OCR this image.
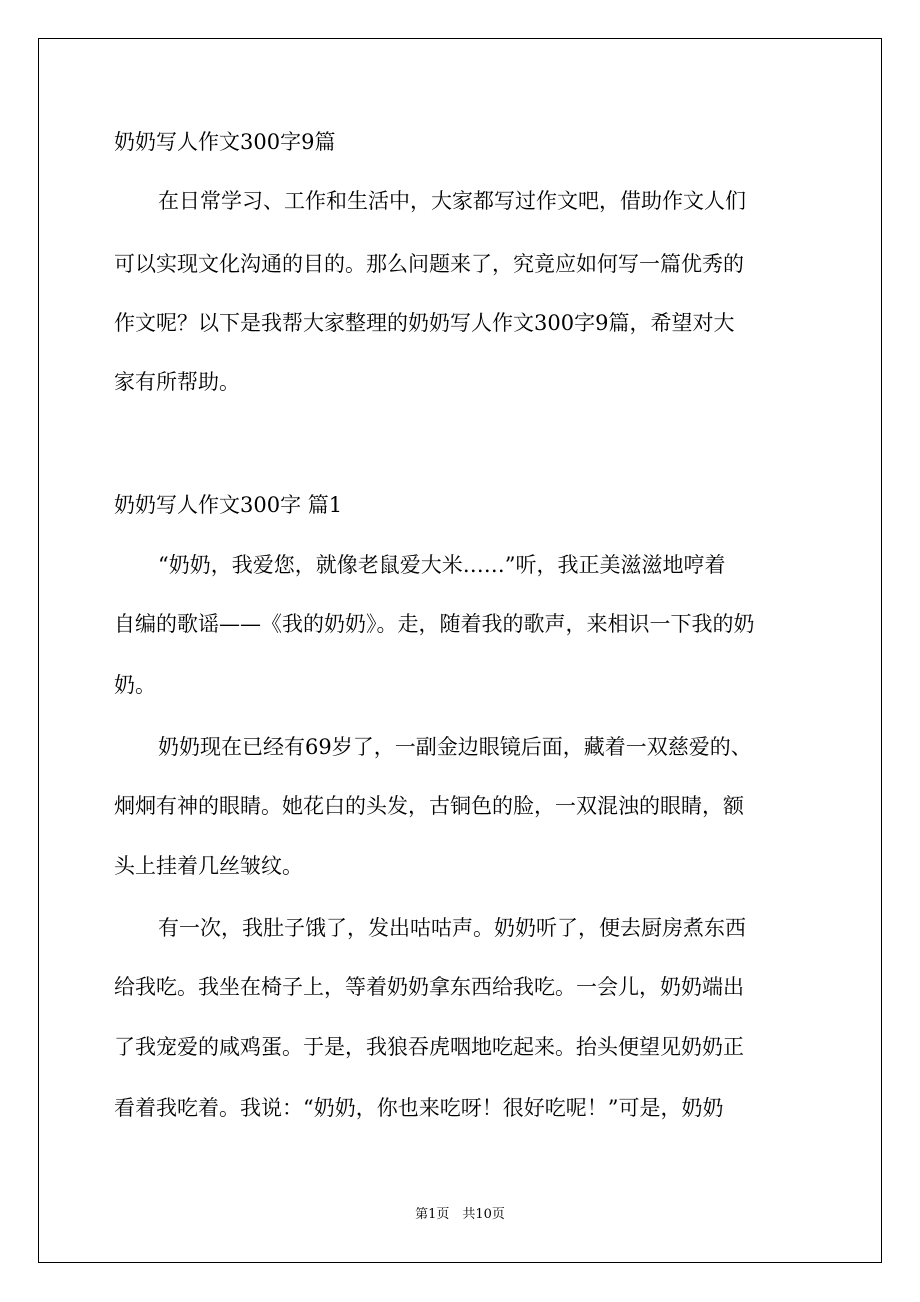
奶奶写人作文300字9篇
在日常学习、工作和生活中，大家都写过作文吧，借助作文人们
可以实现文化沟通的目的。那么问题来了，究竟应如何写一篇优秀的
作文呢？以下是我帮大家整理的奶奶写人作文300字9篇，希望对大
家有所帮助。
奶奶写人作文300字 篇1
“奶奶，我爱您，就像老鼠爱大米……”听，我正美滋滋地哼着
自编的歌谣——《我的奶奶》。走，随着我的歌声，来相识一下我的奶
奶。
奶奶现在已经有69岁了，一副金边眼镜后面，藏着一双慈爱的、
炯炯有神的眼睛。她花白的头发，古铜色的脸，一双混浊的眼睛，额
头上挂着几丝皱纹。
有一次，我肚子饿了，发出咕咕声。奶奶听了，便去厨房煮东西
给我吃。我坐在椅子上，等着奶奶拿东西给我吃。一会儿，奶奶端出
了我宠爱的咸鸡蛋。于是，我狼吞虎咽地吃起来。抬头便望见奶奶正
看着我吃着。我说：“奶奶，你也来吃呀！很好吃呢！”可是，奶奶
第1页　共10页
